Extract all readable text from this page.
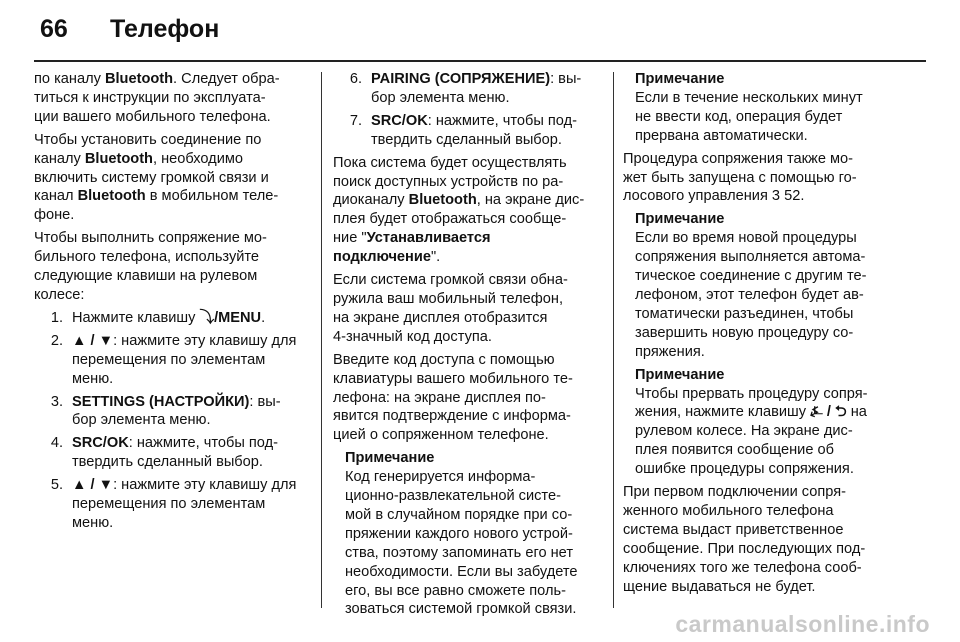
66 Телефон
по каналу Bluetooth. Следует обра-
титься к инструкции по эксплуата-
ции вашего мобильного телефона.
Чтобы установить соединение по
каналу Bluetooth, необходимо
включить систему громкой связи и
канал Bluetooth в мобильном теле-
фоне.
Чтобы выполнить сопряжение мо-
бильного телефона, используйте
следующие клавиши на рулевом
колесе:
1. Нажмите клавишу ⤵/MENU.
2. ▲ / ▼: нажмите эту клавишу для
перемещения по элементам
меню.
3. SETTINGS (НАСТРОЙКИ): вы-
бор элемента меню.
4. SRC/OK: нажмите, чтобы под-
твердить сделанный выбор.
5. ▲ / ▼: нажмите эту клавишу для
перемещения по элементам
меню.
6. PAIRING (СОПРЯЖЕНИЕ): вы-
бор элемента меню.
7. SRC/OK: нажмите, чтобы под-
твердить сделанный выбор.
Пока система будет осуществлять
поиск доступных устройств по ра-
диоканалу Bluetooth, на экране дис-
плея будет отображаться сообще-
ние "Устанавливается
подключение".
Если система громкой связи обна-
ружила ваш мобильный телефон,
на экране дисплея отобразится
4-значный код доступа.
Введите код доступа с помощью
клавиатуры вашего мобильного те-
лефона: на экране дисплея по-
явится подтверждение с информа-
цией о сопряженном телефоне.
Примечание
Код генерируется информа-
ционно-развлекательной систе-
мой в случайном порядке при со-
пряжении каждого нового устрой-
ства, поэтому запоминать его нет
необходимости. Если вы забудете
его, вы все равно сможете поль-
зоваться системой громкой связи.
Примечание
Если в течение нескольких минут
не ввести код, операция будет
прервана автоматически.
Процедура сопряжения также мо-
жет быть запущена с помощью го-
лосового управления 3 52.
Примечание
Если во время новой процедуры
сопряжения выполняется автома-
тическое соединение с другим те-
лефоном, этот телефон будет ав-
томатически разъединен, чтобы
завершить новую процедуру со-
пряжения.
Примечание
Чтобы прервать процедуру сопря-
жения, нажмите клавишу ⍼ / ⮌ на
рулевом колесе. На экране дис-
плея появится сообщение об
ошибке процедуры сопряжения.
При первом подключении сопря-
женного мобильного телефона
система выдаст приветственное
сообщение. При последующих под-
ключениях того же телефона сооб-
щение выдаваться не будет.
carmanualsonline.info
